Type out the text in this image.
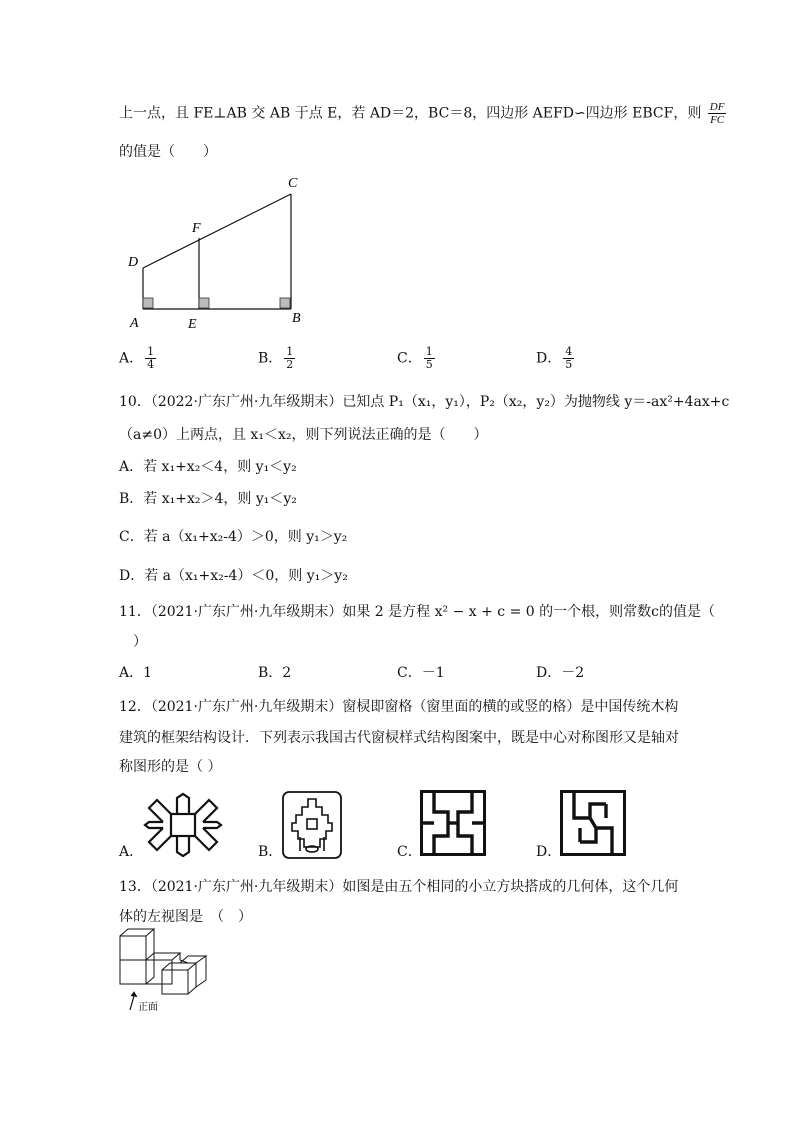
上一点，且 FE⊥AB 交 AB 于点 E，若 AD＝2，BC＝8，四边形 AEFD∽四边形 EBCF，则 $\frac{DF}{FC}$
的值是（　　）
A	E	B
D
F
C
A． $\frac{1}{4}$	B． $\frac{1}{2}$	C． $\frac{1}{5}$	D． $\frac{4}{5}$
10．（2022·广东广州·九年级期末）已知点 P₁（x₁，y₁），P₂（x₂，y₂）为抛物线 y＝-ax²+4ax+c
（a≠0）上两点，且 x₁＜x₂，则下列说法正确的是（　　）
A．若 x₁+x₂＜4，则 y₁＜y₂
B．若 x₁+x₂＞4，则 y₁＜y₂
C．若 a（x₁+x₂-4）＞0，则 y₁＞y₂
D．若 a（x₁+x₂-4）＜0，则 y₁＞y₂
11．（2021·广东广州·九年级期末）如果 2 是方程 x² − x + c = 0 的一个根，则常数c的值是（
）
A．1	B．2	C．－1	D．－2
12．（2021·广东广州·九年级期末）窗棂即窗格（窗里面的横的或竖的格）是中国传统木构
建筑的框架结构设计．下列表示我国古代窗棂样式结构图案中，既是中心对称图形又是轴对
称图形的是（ ）
A．	B．	C．	D．
13．（2021·广东广州·九年级期末）如图是由五个相同的小立方块搭成的几何体，这个几何
体的左视图是　（　）
正面
